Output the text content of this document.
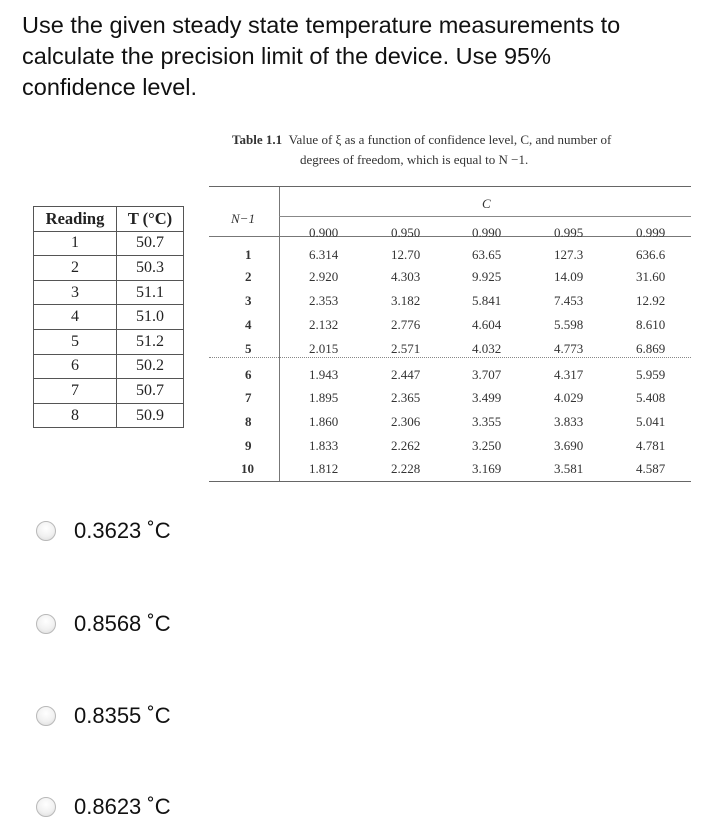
Use the given steady state temperature measurements to
calculate the precision limit of the device. Use 95%
confidence level.
Reading	T (°C)
1	50.7
2	50.3
3	51.1
4	51.0
5	51.2
6	50.2
7	50.7
8	50.9
Table 1.1 Value of ξ as a function of confidence level, C, and number of
degrees of freedom, which is equal to N −1.
N−1
C
0.900	0.950	0.990	0.995	0.999
1	6.314	12.70	63.65	127.3	636.6
2	2.920	4.303	9.925	14.09	31.60
3	2.353	3.182	5.841	7.453	12.92
4	2.132	2.776	4.604	5.598	8.610
5	2.015	2.571	4.032	4.773	6.869
6	1.943	2.447	3.707	4.317	5.959
7	1.895	2.365	3.499	4.029	5.408
8	1.860	2.306	3.355	3.833	5.041
9	1.833	2.262	3.250	3.690	4.781
10	1.812	2.228	3.169	3.581	4.587
0.3623 ˚C
0.8568 ˚C
0.8355 ˚C
0.8623 ˚C
